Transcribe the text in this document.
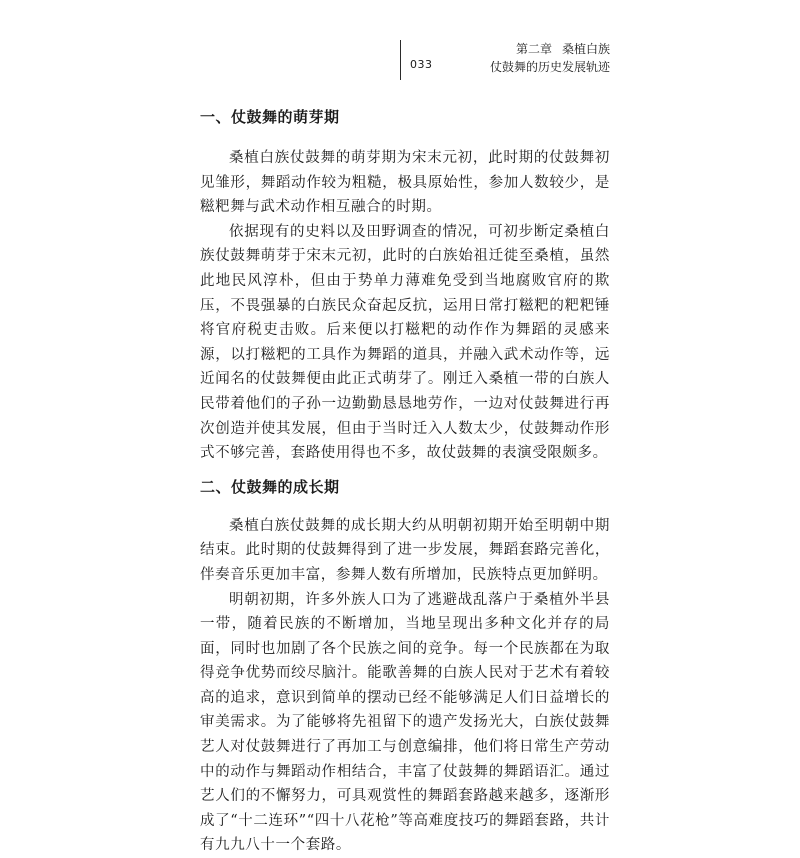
033
第二章 桑植白族
仗鼓舞的历史发展轨迹
一、仗鼓舞的萌芽期

桑植白族仗鼓舞的萌芽期为宋末元初，此时期的仗鼓舞初见雏形，舞蹈动作较为粗糙，极具原始性，参加人数较少，是糍粑舞与武术动作相互融合的时期。

依据现有的史料以及田野调查的情况，可初步断定桑植白族仗鼓舞萌芽于宋末元初，此时的白族始祖迁徙至桑植，虽然此地民风淳朴，但由于势单力薄难免受到当地腐败官府的欺压，不畏强暴的白族民众奋起反抗，运用日常打糍粑的粑粑锤将官府税吏击败。后来便以打糍粑的动作作为舞蹈的灵感来源，以打糍粑的工具作为舞蹈的道具，并融入武术动作等，远近闻名的仗鼓舞便由此正式萌芽了。刚迁入桑植一带的白族人民带着他们的子孙一边勤勤恳恳地劳作，一边对仗鼓舞进行再次创造并使其发展，但由于当时迁入人数太少，仗鼓舞动作形式不够完善，套路使用得也不多，故仗鼓舞的表演受限颇多。

二、仗鼓舞的成长期

桑植白族仗鼓舞的成长期大约从明朝初期开始至明朝中期结束。此时期的仗鼓舞得到了进一步发展，舞蹈套路完善化，伴奏音乐更加丰富，参舞人数有所增加，民族特点更加鲜明。

明朝初期，许多外族人口为了逃避战乱落户于桑植外半县一带，随着民族的不断增加，当地呈现出多种文化并存的局面，同时也加剧了各个民族之间的竞争。每一个民族都在为取得竞争优势而绞尽脑汁。能歌善舞的白族人民对于艺术有着较高的追求，意识到简单的摆动已经不能够满足人们日益增长的审美需求。为了能够将先祖留下的遗产发扬光大，白族仗鼓舞艺人对仗鼓舞进行了再加工与创意编排，他们将日常生产劳动中的动作与舞蹈动作相结合，丰富了仗鼓舞的舞蹈语汇。通过艺人们的不懈努力，可具观赏性的舞蹈套路越来越多，逐渐形成了“十二连环”“四十八花枪”等高难度技巧的舞蹈套路，共计有九九八十一个套路。
